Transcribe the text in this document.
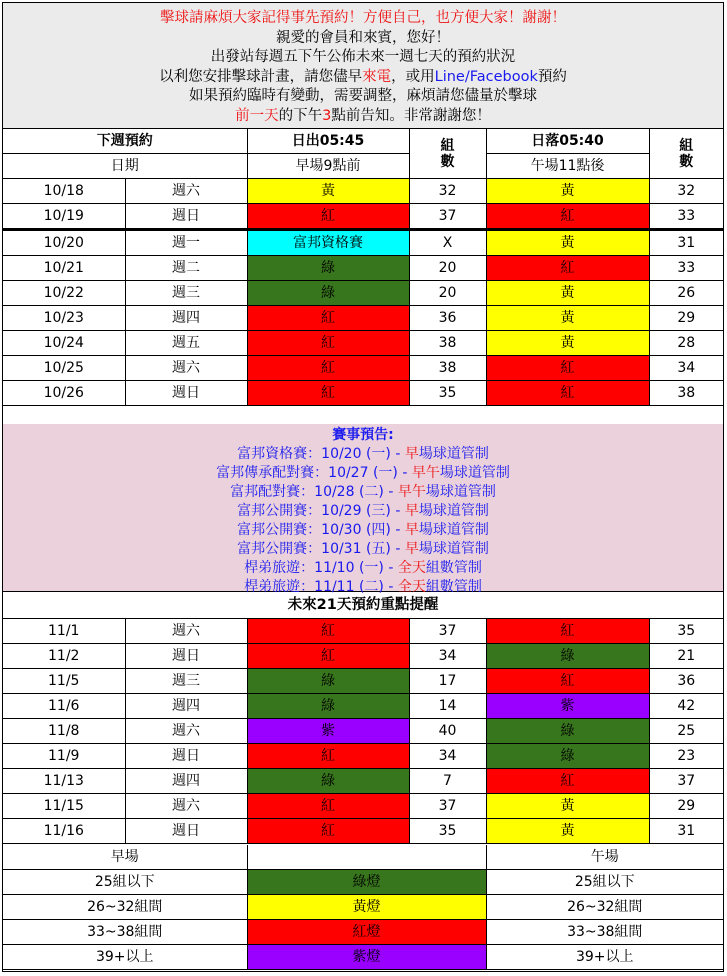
擊球請麻煩大家記得事先預約！方便自己，也方便大家！謝謝！
親愛的會員和來賓，您好！
出發站每週五下午公佈未來一週七天的預約狀況
以利您安排擊球計畫，請您儘早來電，或用Line/Facebook預約
如果預約臨時有變動，需要調整，麻煩請您儘量於擊球
前一天的下午3點前告知。非常謝謝您！
下週預約		日出05:45	組數	日落05:40	組數

日期		早場9點前		午場11點後	
10/18	週六	黃	32	黃	32
10/19	週日	紅	37	紅	33
10/20	週一	富邦資格賽	X	黃	31
10/21	週二	綠	20	紅	33
10/22	週三	綠	20	黃	26
10/23	週四	紅	36	黃	29
10/24	週五	紅	38	黃	28
10/25	週六	紅	38	紅	34
10/26	週日	紅	35	紅	38
賽事預告:
富邦資格賽：10/20 (一) - 早場球道管制
富邦傳承配對賽：10/27 (一) - 早午場球道管制
富邦配對賽：10/28 (二) - 早午場球道管制
富邦公開賽：10/29 (三) - 早場球道管制
富邦公開賽：10/30 (四) - 早場球道管制
富邦公開賽：10/31 (五) - 早場球道管制
桿弟旅遊：11/10 (一) - 全天組數管制
桿弟旅遊：11/11 (二) - 全天組數管制
未來21天預約重點提醒
11/1	週六	紅	37	紅	35
11/2	週日	紅	34	綠	21
11/5	週三	綠	17	紅	36
11/6	週四	綠	14	紫	42
11/8	週六	紫	40	綠	25
11/9	週日	紅	34	綠	23
11/13	週四	綠	7	紅	37
11/15	週六	紅	37	黃	29
11/16	週日	紅	35	黃	31
早場		午場
25組以下	綠燈	25組以下
26~32組間	黃燈	26~32組間
33~38組間	紅燈	33~38組間
39+以上	紫燈	39+以上
